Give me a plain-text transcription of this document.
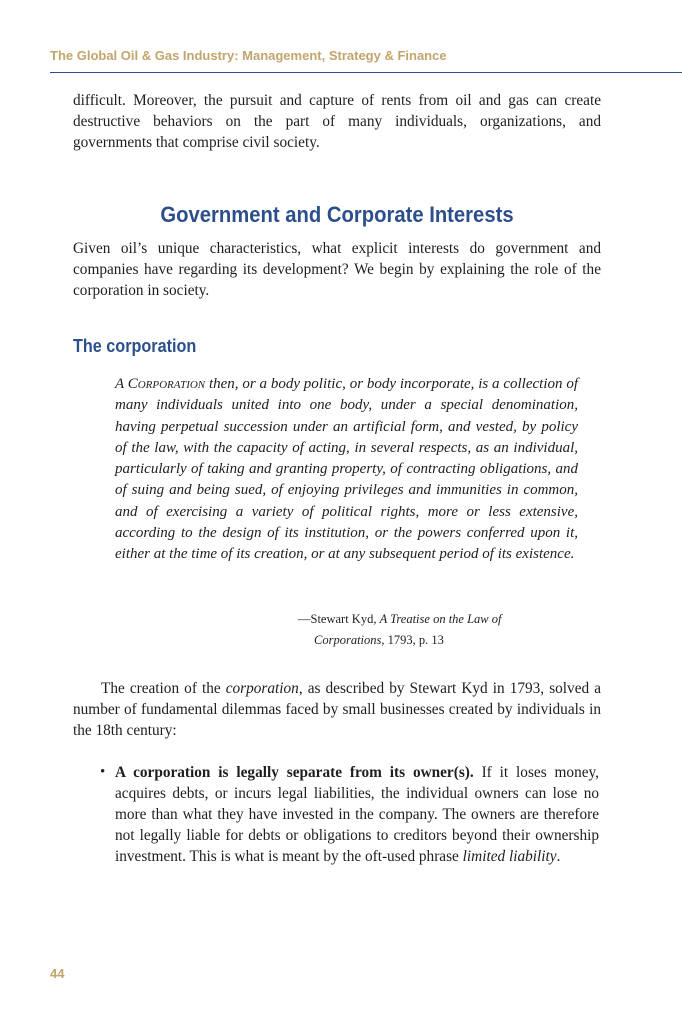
The Global Oil & Gas Industry: Management, Strategy & Finance

difficult. Moreover, the pursuit and capture of rents from oil and gas can create destructive behaviors on the part of many individuals, organizations, and governments that comprise civil society.

Government and Corporate Interests

Given oil’s unique characteristics, what explicit interests do government and companies have regarding its development? We begin by explaining the role of the corporation in society.

The corporation

A Corporation then, or a body politic, or body incorporate, is a collection of many individuals united into one body, under a special denomination, having perpetual succession under an artificial form, and vested, by policy of the law, with the capacity of acting, in several respects, as an individual, particularly of taking and granting property, of contracting obligations, and of suing and being sued, of enjoying privileges and immunities in common, and of exercising a variety of political rights, more or less extensive, according to the design of its institution, or the powers conferred upon it, either at the time of its creation, or at any subsequent period of its existence.

—Stewart Kyd, A Treatise on the Law of
Corporations, 1793, p. 13

The creation of the corporation, as described by Stewart Kyd in 1793, solved a number of fundamental dilemmas faced by small businesses created by individuals in the 18th century:

• A corporation is legally separate from its owner(s). If it loses money, acquires debts, or incurs legal liabilities, the individual owners can lose no more than what they have invested in the company. The owners are therefore not legally liable for debts or obligations to creditors beyond their ownership investment. This is what is meant by the oft-used phrase limited liability.

44
